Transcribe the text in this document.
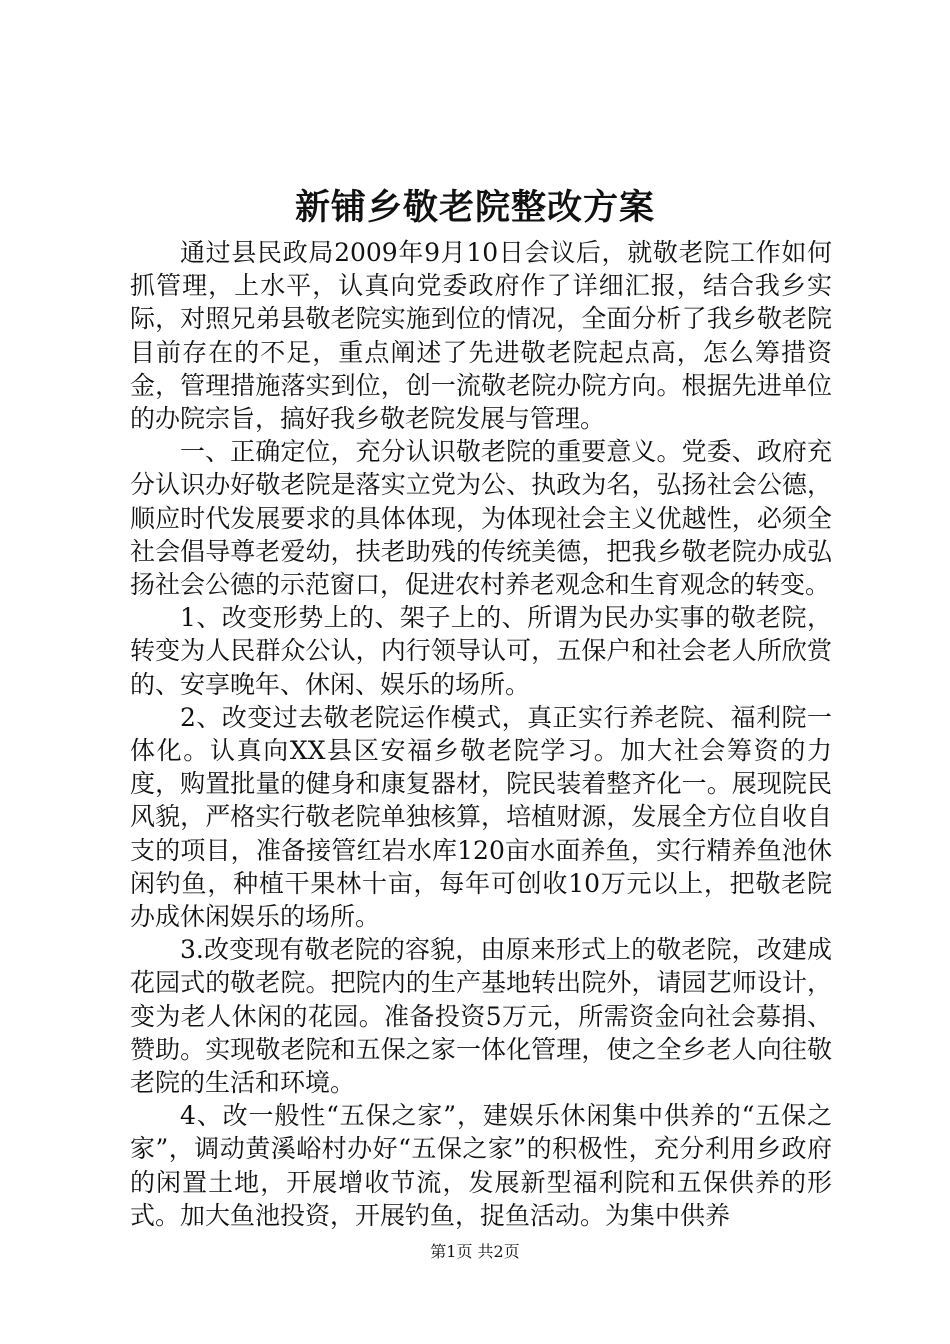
新铺乡敬老院整改方案

通过县民政局2009年9月10日会议后，就敬老院工作如何抓管理，上水平，认真向党委政府作了详细汇报，结合我乡实际，对照兄弟县敬老院实施到位的情况，全面分析了我乡敬老院目前存在的不足，重点阐述了先进敬老院起点高，怎么筹措资金，管理措施落实到位，创一流敬老院办院方向。根据先进单位的办院宗旨，搞好我乡敬老院发展与管理。

一、正确定位，充分认识敬老院的重要意义。党委、政府充分认识办好敬老院是落实立党为公、执政为名，弘扬社会公德，顺应时代发展要求的具体体现，为体现社会主义优越性，必须全社会倡导尊老爱幼，扶老助残的传统美德，把我乡敬老院办成弘扬社会公德的示范窗口，促进农村养老观念和生育观念的转变。

1、改变形势上的、架子上的、所谓为民办实事的敬老院，转变为人民群众公认，内行领导认可，五保户和社会老人所欣赏的、安享晚年、休闲、娱乐的场所。

2、改变过去敬老院运作模式，真正实行养老院、福利院一体化。认真向XX县区安福乡敬老院学习。加大社会筹资的力度，购置批量的健身和康复器材，院民装着整齐化一。展现院民风貌，严格实行敬老院单独核算，培植财源，发展全方位自收自支的项目，准备接管红岩水库120亩水面养鱼，实行精养鱼池休闲钓鱼，种植干果林十亩，每年可创收10万元以上，把敬老院办成休闲娱乐的场所。

3.改变现有敬老院的容貌，由原来形式上的敬老院，改建成花园式的敬老院。把院内的生产基地转出院外，请园艺师设计，变为老人休闲的花园。准备投资5万元，所需资金向社会募捐、赞助。实现敬老院和五保之家一体化管理，使之全乡老人向往敬老院的生活和环境。

4、改一般性“五保之家”，建娱乐休闲集中供养的“五保之家”，调动黄溪峪村办好“五保之家”的积极性，充分利用乡政府的闲置土地，开展增收节流，发展新型福利院和五保供养的形式。加大鱼池投资，开展钓鱼，捉鱼活动。为集中供养

第1页 共2页
